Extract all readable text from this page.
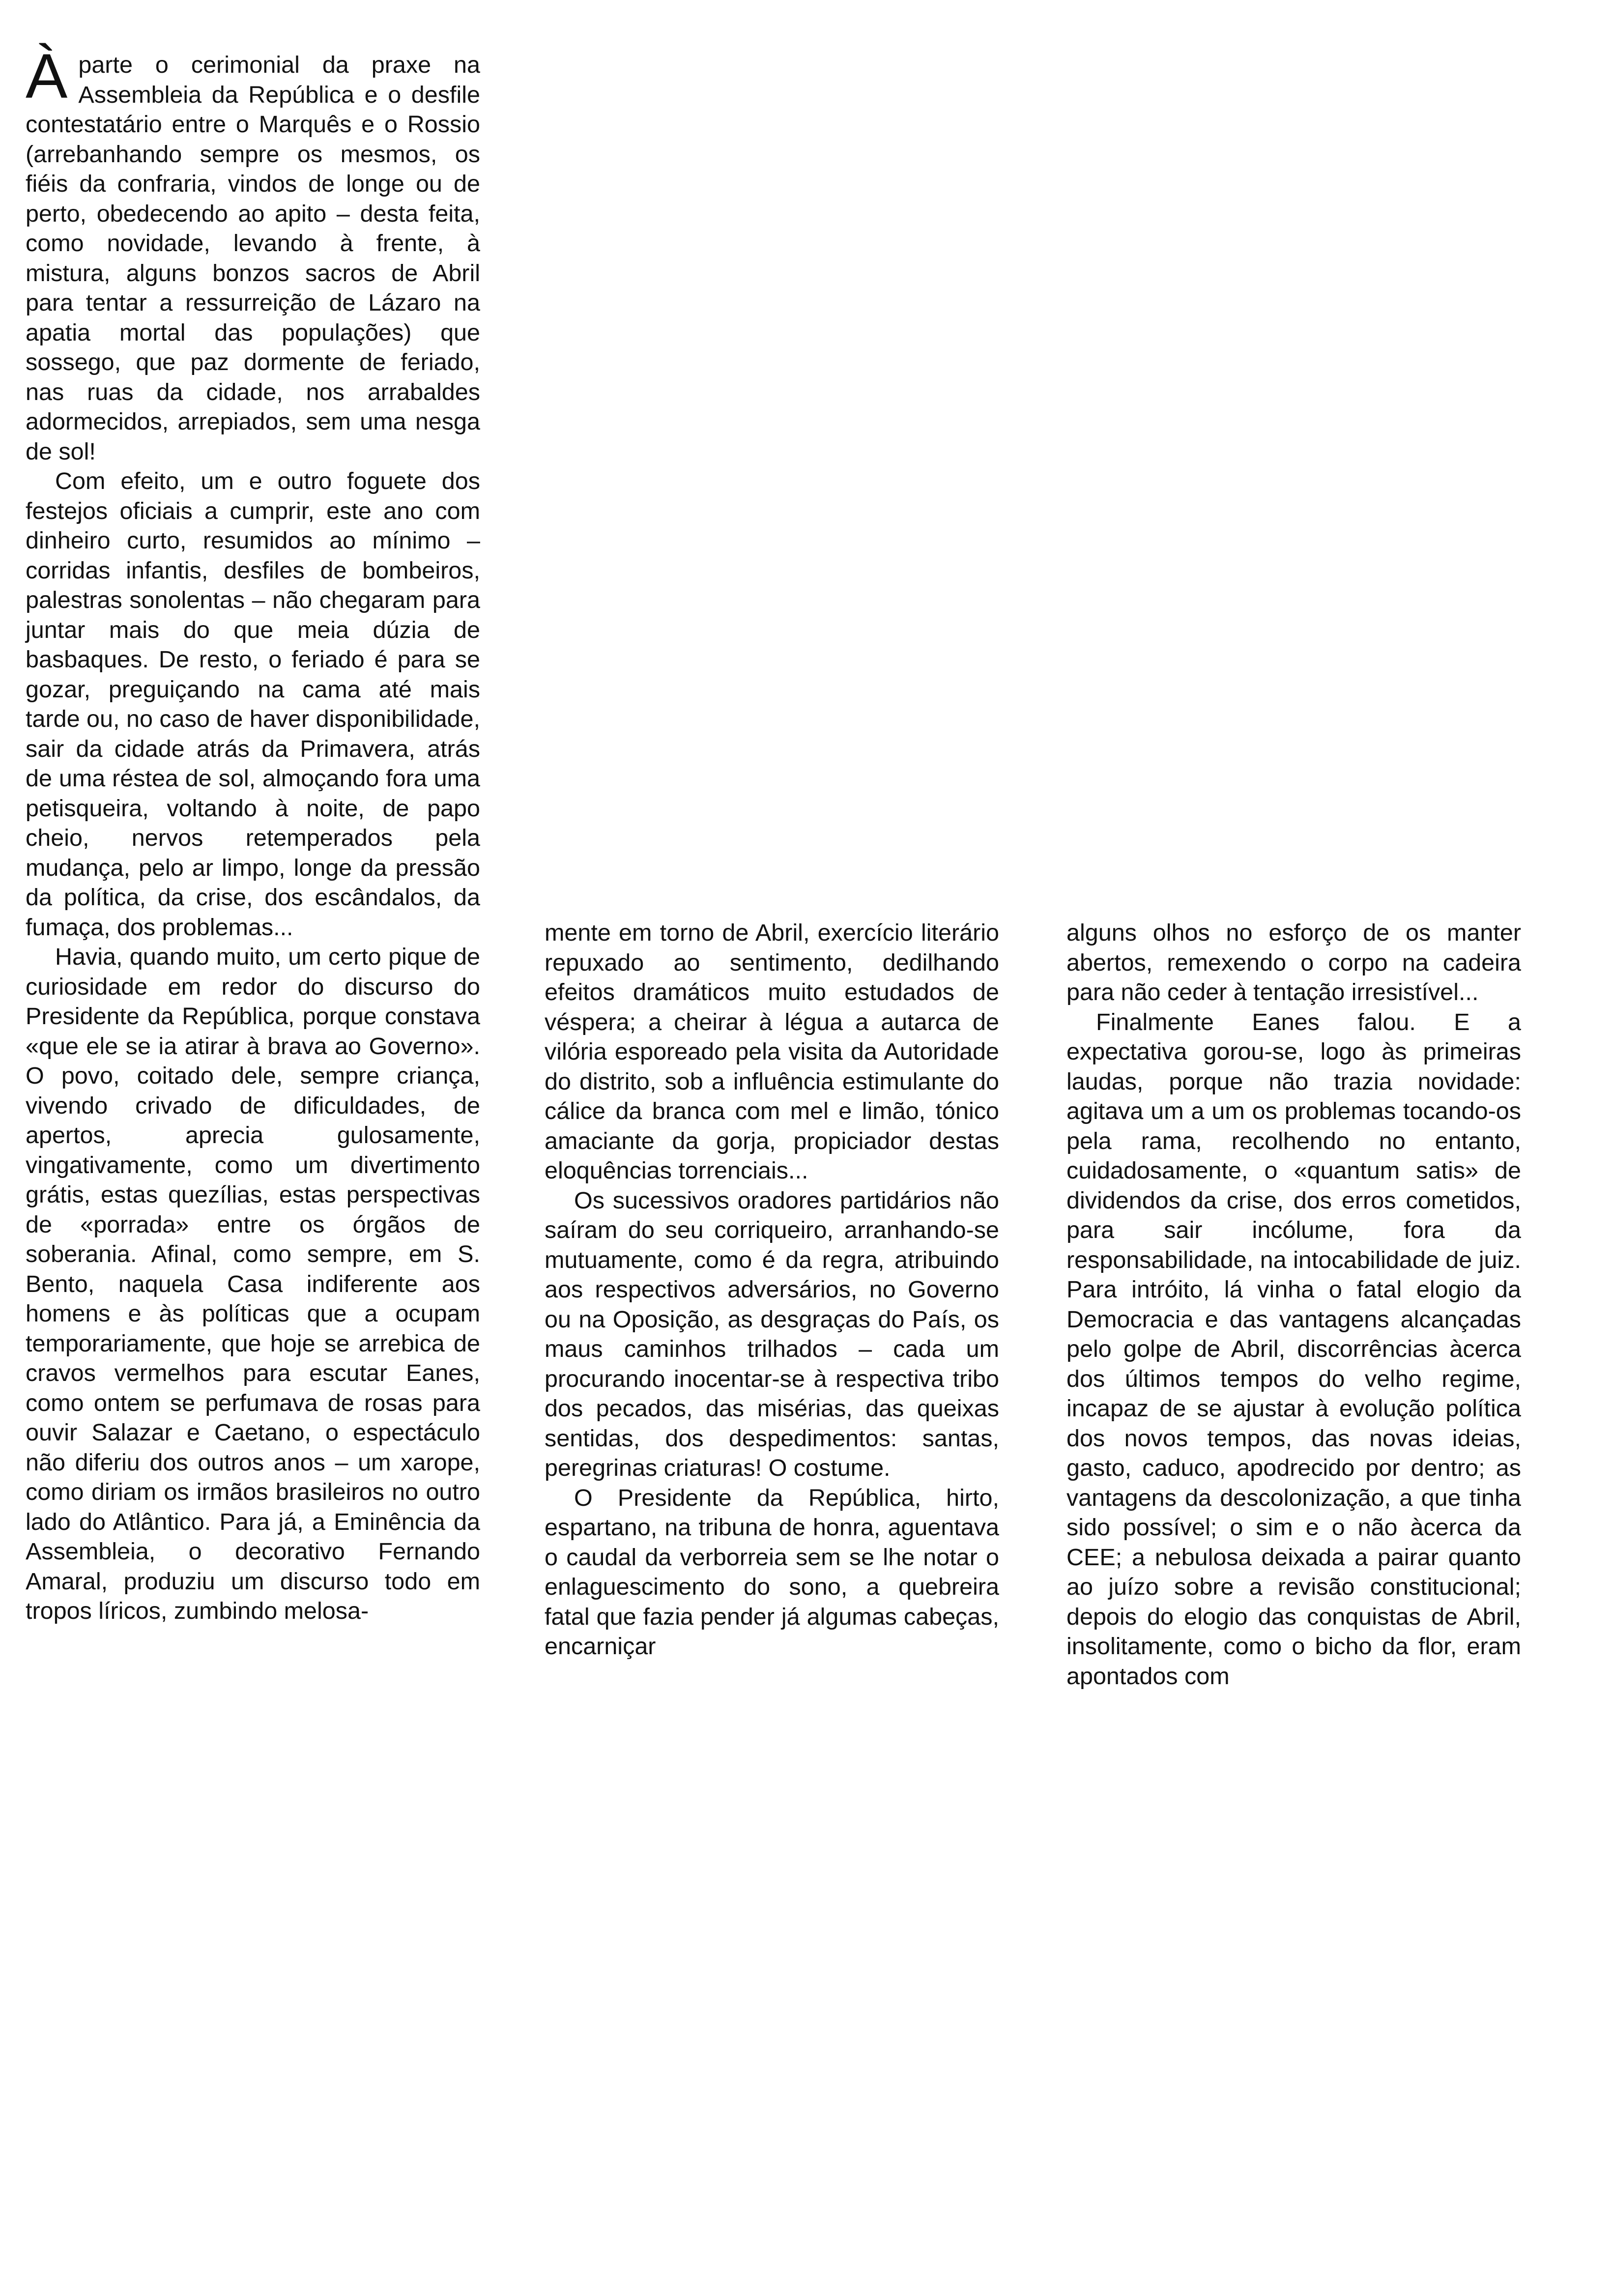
À parte o cerimonial da praxe na Assembleia da República e o desfile contestatário entre o Marquês e o Rossio (arrebanhando sempre os mesmos, os fiéis da confraria, vindos de longe ou de perto, obedecendo ao apito – desta feita, como novidade, levando à frente, à mistura, alguns bonzos sacros de Abril para tentar a ressurreição de Lázaro na apatia mortal das populações) que sossego, que paz dormente de feriado, nas ruas da cidade, nos arrabaldes adormecidos, arrepiados, sem uma nesga de sol!

Com efeito, um e outro foguete dos festejos oficiais a cumprir, este ano com dinheiro curto, resumidos ao mínimo – corridas infantis, desfiles de bombeiros, palestras sonolentas – não chegaram para juntar mais do que meia dúzia de basbaques. De resto, o feriado é para se gozar, preguiçando na cama até mais tarde ou, no caso de haver disponibilidade, sair da cidade atrás da Primavera, atrás de uma réstea de sol, almoçando fora uma petisqueira, voltando à noite, de papo cheio, nervos retemperados pela mudança, pelo ar limpo, longe da pressão da política, da crise, dos escândalos, da fumaça, dos problemas...

Havia, quando muito, um certo pique de curiosidade em redor do discurso do Presidente da República, porque constava «que ele se ia atirar à brava ao Governo». O povo, coitado dele, sempre criança, vivendo crivado de dificuldades, de apertos, aprecia gulosamente, vingativamente, como um divertimento grátis, estas quezílias, estas perspectivas de «porrada» entre os órgãos de soberania. Afinal, como sempre, em S. Bento, naquela Casa indiferente aos homens e às políticas que a ocupam temporariamente, que hoje se arrebica de cravos vermelhos para escutar Eanes, como ontem se perfumava de rosas para ouvir Salazar e Caetano, o espectáculo não diferiu dos outros anos – um xarope, como diriam os irmãos brasileiros no outro lado do Atlântico. Para já, a Eminência da Assembleia, o decorativo Fernando Amaral, produziu um discurso todo em tropos líricos, zumbindo melosa-

mente em torno de Abril, exercício literário repuxado ao sentimento, dedilhando efeitos dramáticos muito estudados de véspera; a cheirar à légua a autarca de vilória esporeado pela visita da Autoridade do distrito, sob a influência estimulante do cálice da branca com mel e limão, tónico amaciante da gorja, propiciador destas eloquências torrenciais...

Os sucessivos oradores partidários não saíram do seu corriqueiro, arranhando-se mutuamente, como é da regra, atribuindo aos respectivos adversários, no Governo ou na Oposição, as desgraças do País, os maus caminhos trilhados – cada um procurando inocentar-se à respectiva tribo dos pecados, das misérias, das queixas sentidas, dos despedimentos: santas, peregrinas criaturas! O costume.

O Presidente da República, hirto, espartano, na tribuna de honra, aguentava o caudal da verborreia sem se lhe notar o enlaguescimento do sono, a quebreira fatal que fazia pender já algumas cabeças, encarniçar

alguns olhos no esforço de os manter abertos, remexendo o corpo na cadeira para não ceder à tentação irresistível...

Finalmente Eanes falou. E a expectativa gorou-se, logo às primeiras laudas, porque não trazia novidade: agitava um a um os problemas tocando-os pela rama, recolhendo no entanto, cuidadosamente, o «quantum satis» de dividendos da crise, dos erros cometidos, para sair incólume, fora da responsabilidade, na intocabilidade de juiz. Para intróito, lá vinha o fatal elogio da Democracia e das vantagens alcançadas pelo golpe de Abril, discorrências àcerca dos últimos tempos do velho regime, incapaz de se ajustar à evolução política dos novos tempos, das novas ideias, gasto, caduco, apodrecido por dentro; as vantagens da descolonização, a que tinha sido possível; o sim e o não àcerca da CEE; a nebulosa deixada a pairar quanto ao juízo sobre a revisão constitucional; depois do elogio das conquistas de Abril, insolitamente, como o bicho da flor, eram apontados com
